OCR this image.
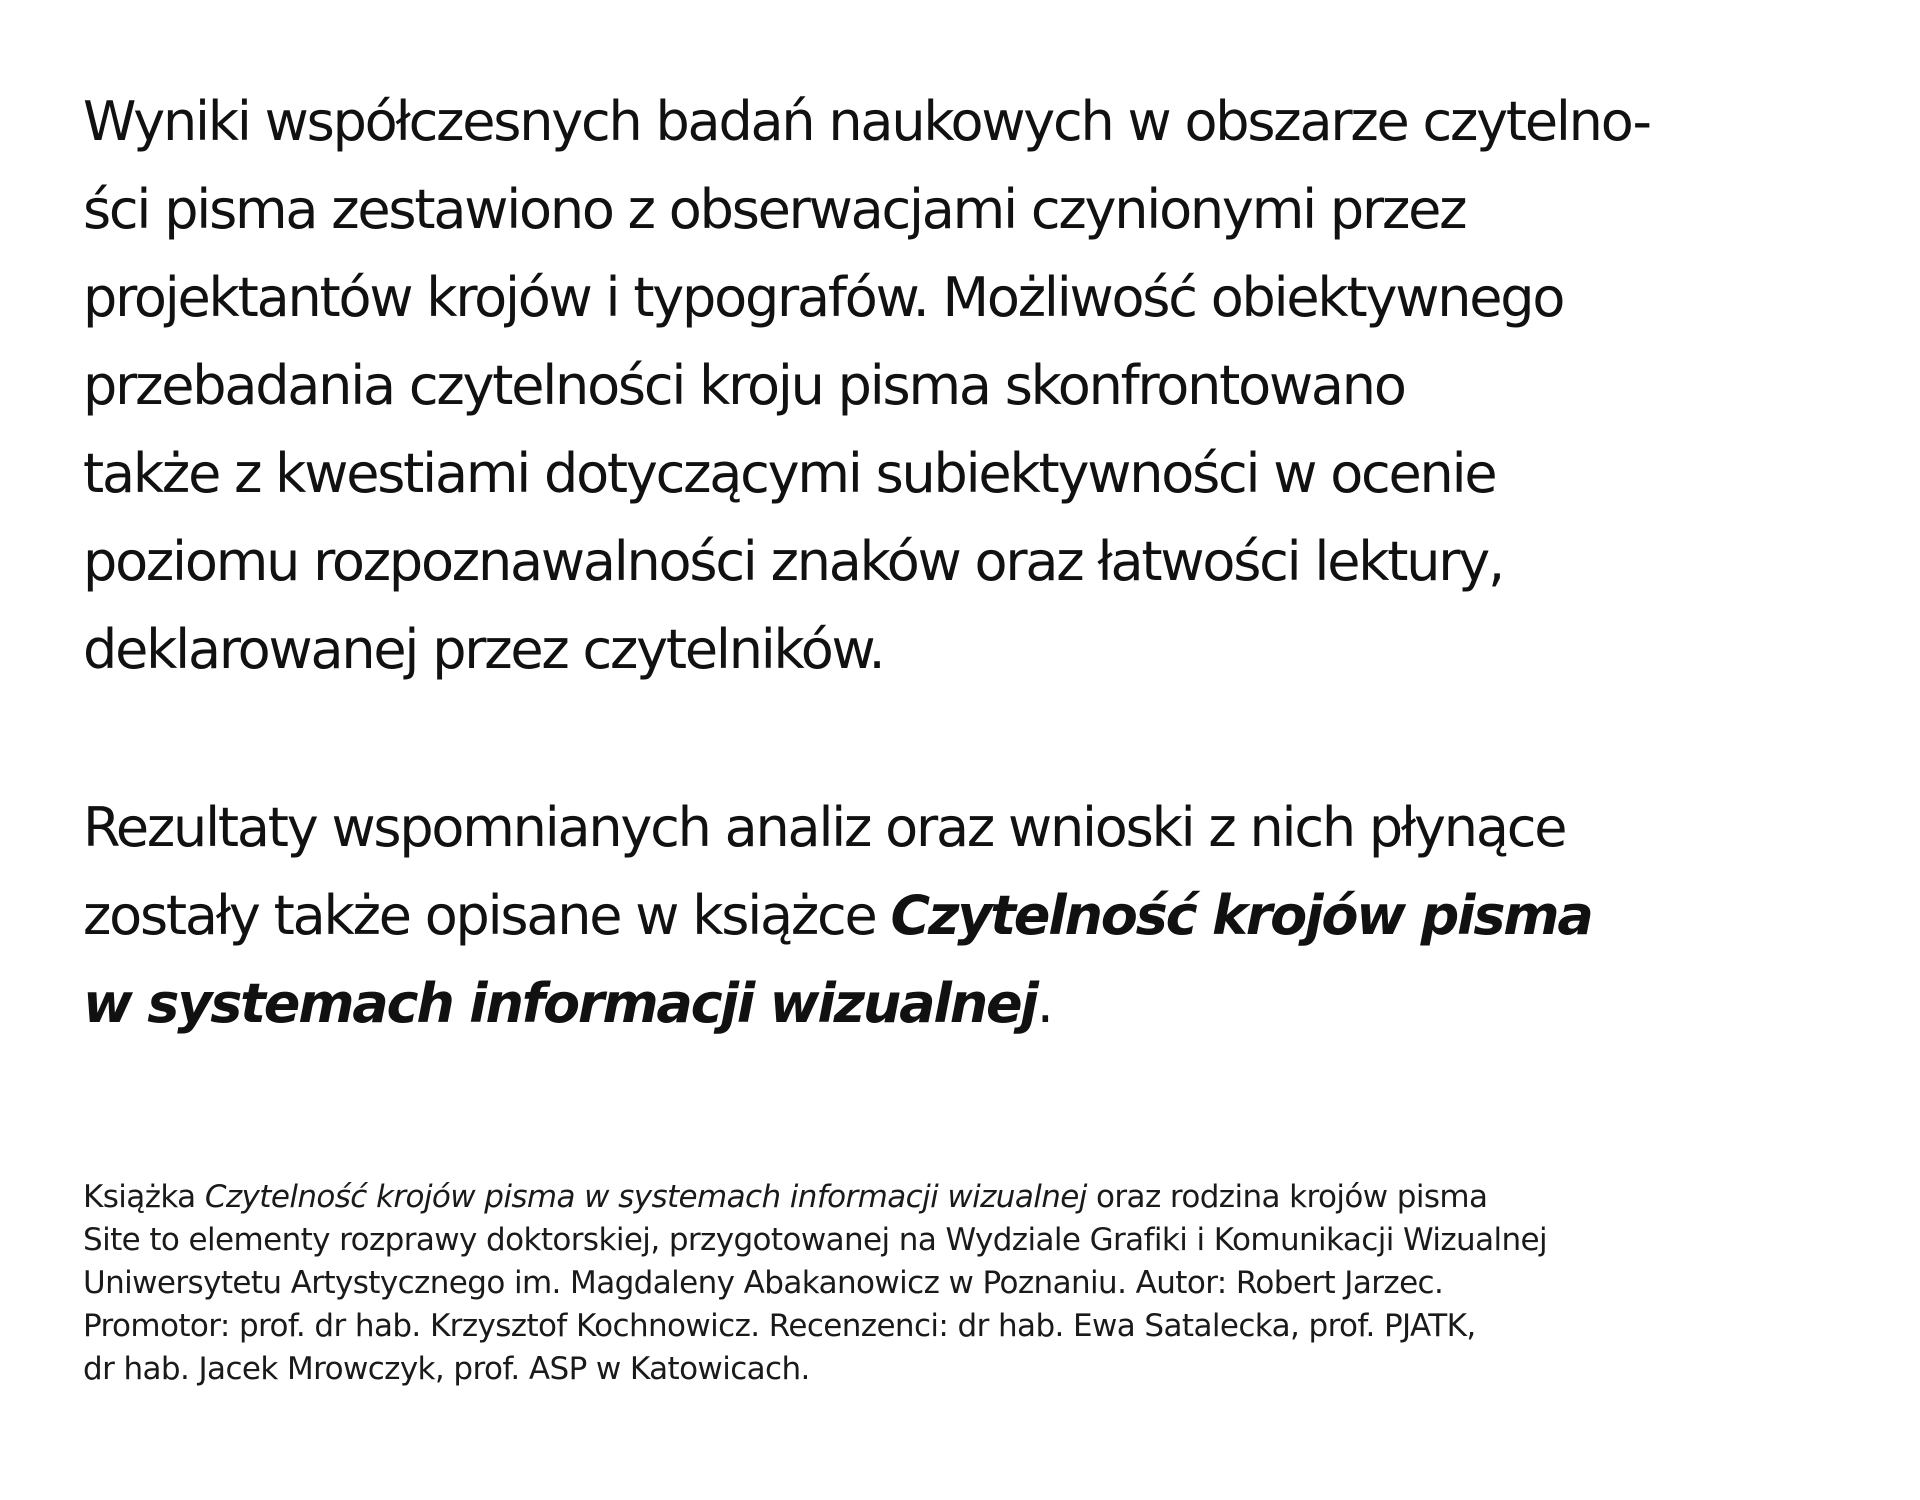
Wyniki współczesnych badań naukowych w obszarze czytelno-
ści pisma zestawiono z obserwacjami czynionymi przez
projektantów krojów i typografów. Możliwość obiektywnego
przebadania czytelności kroju pisma skonfrontowano
także z kwestiami dotyczącymi subiektywności w ocenie
poziomu rozpoznawalności znaków oraz łatwości lektury,
deklarowanej przez czytelników.

Rezultaty wspomnianych analiz oraz wnioski z nich płynące
zostały także opisane w książce Czytelność krojów pisma
w systemach informacji wizualnej.

Książka Czytelność krojów pisma w systemach informacji wizualnej oraz rodzina krojów pisma
Site to elementy rozprawy doktorskiej, przygotowanej na Wydziale Grafiki i Komunikacji Wizualnej
Uniwersytetu Artystycznego im. Magdaleny Abakanowicz w Poznaniu. Autor: Robert Jarzec.
Promotor: prof. dr hab. Krzysztof Kochnowicz. Recenzenci: dr hab. Ewa Satalecka, prof. PJATK,
dr hab. Jacek Mrowczyk, prof. ASP w Katowicach.
